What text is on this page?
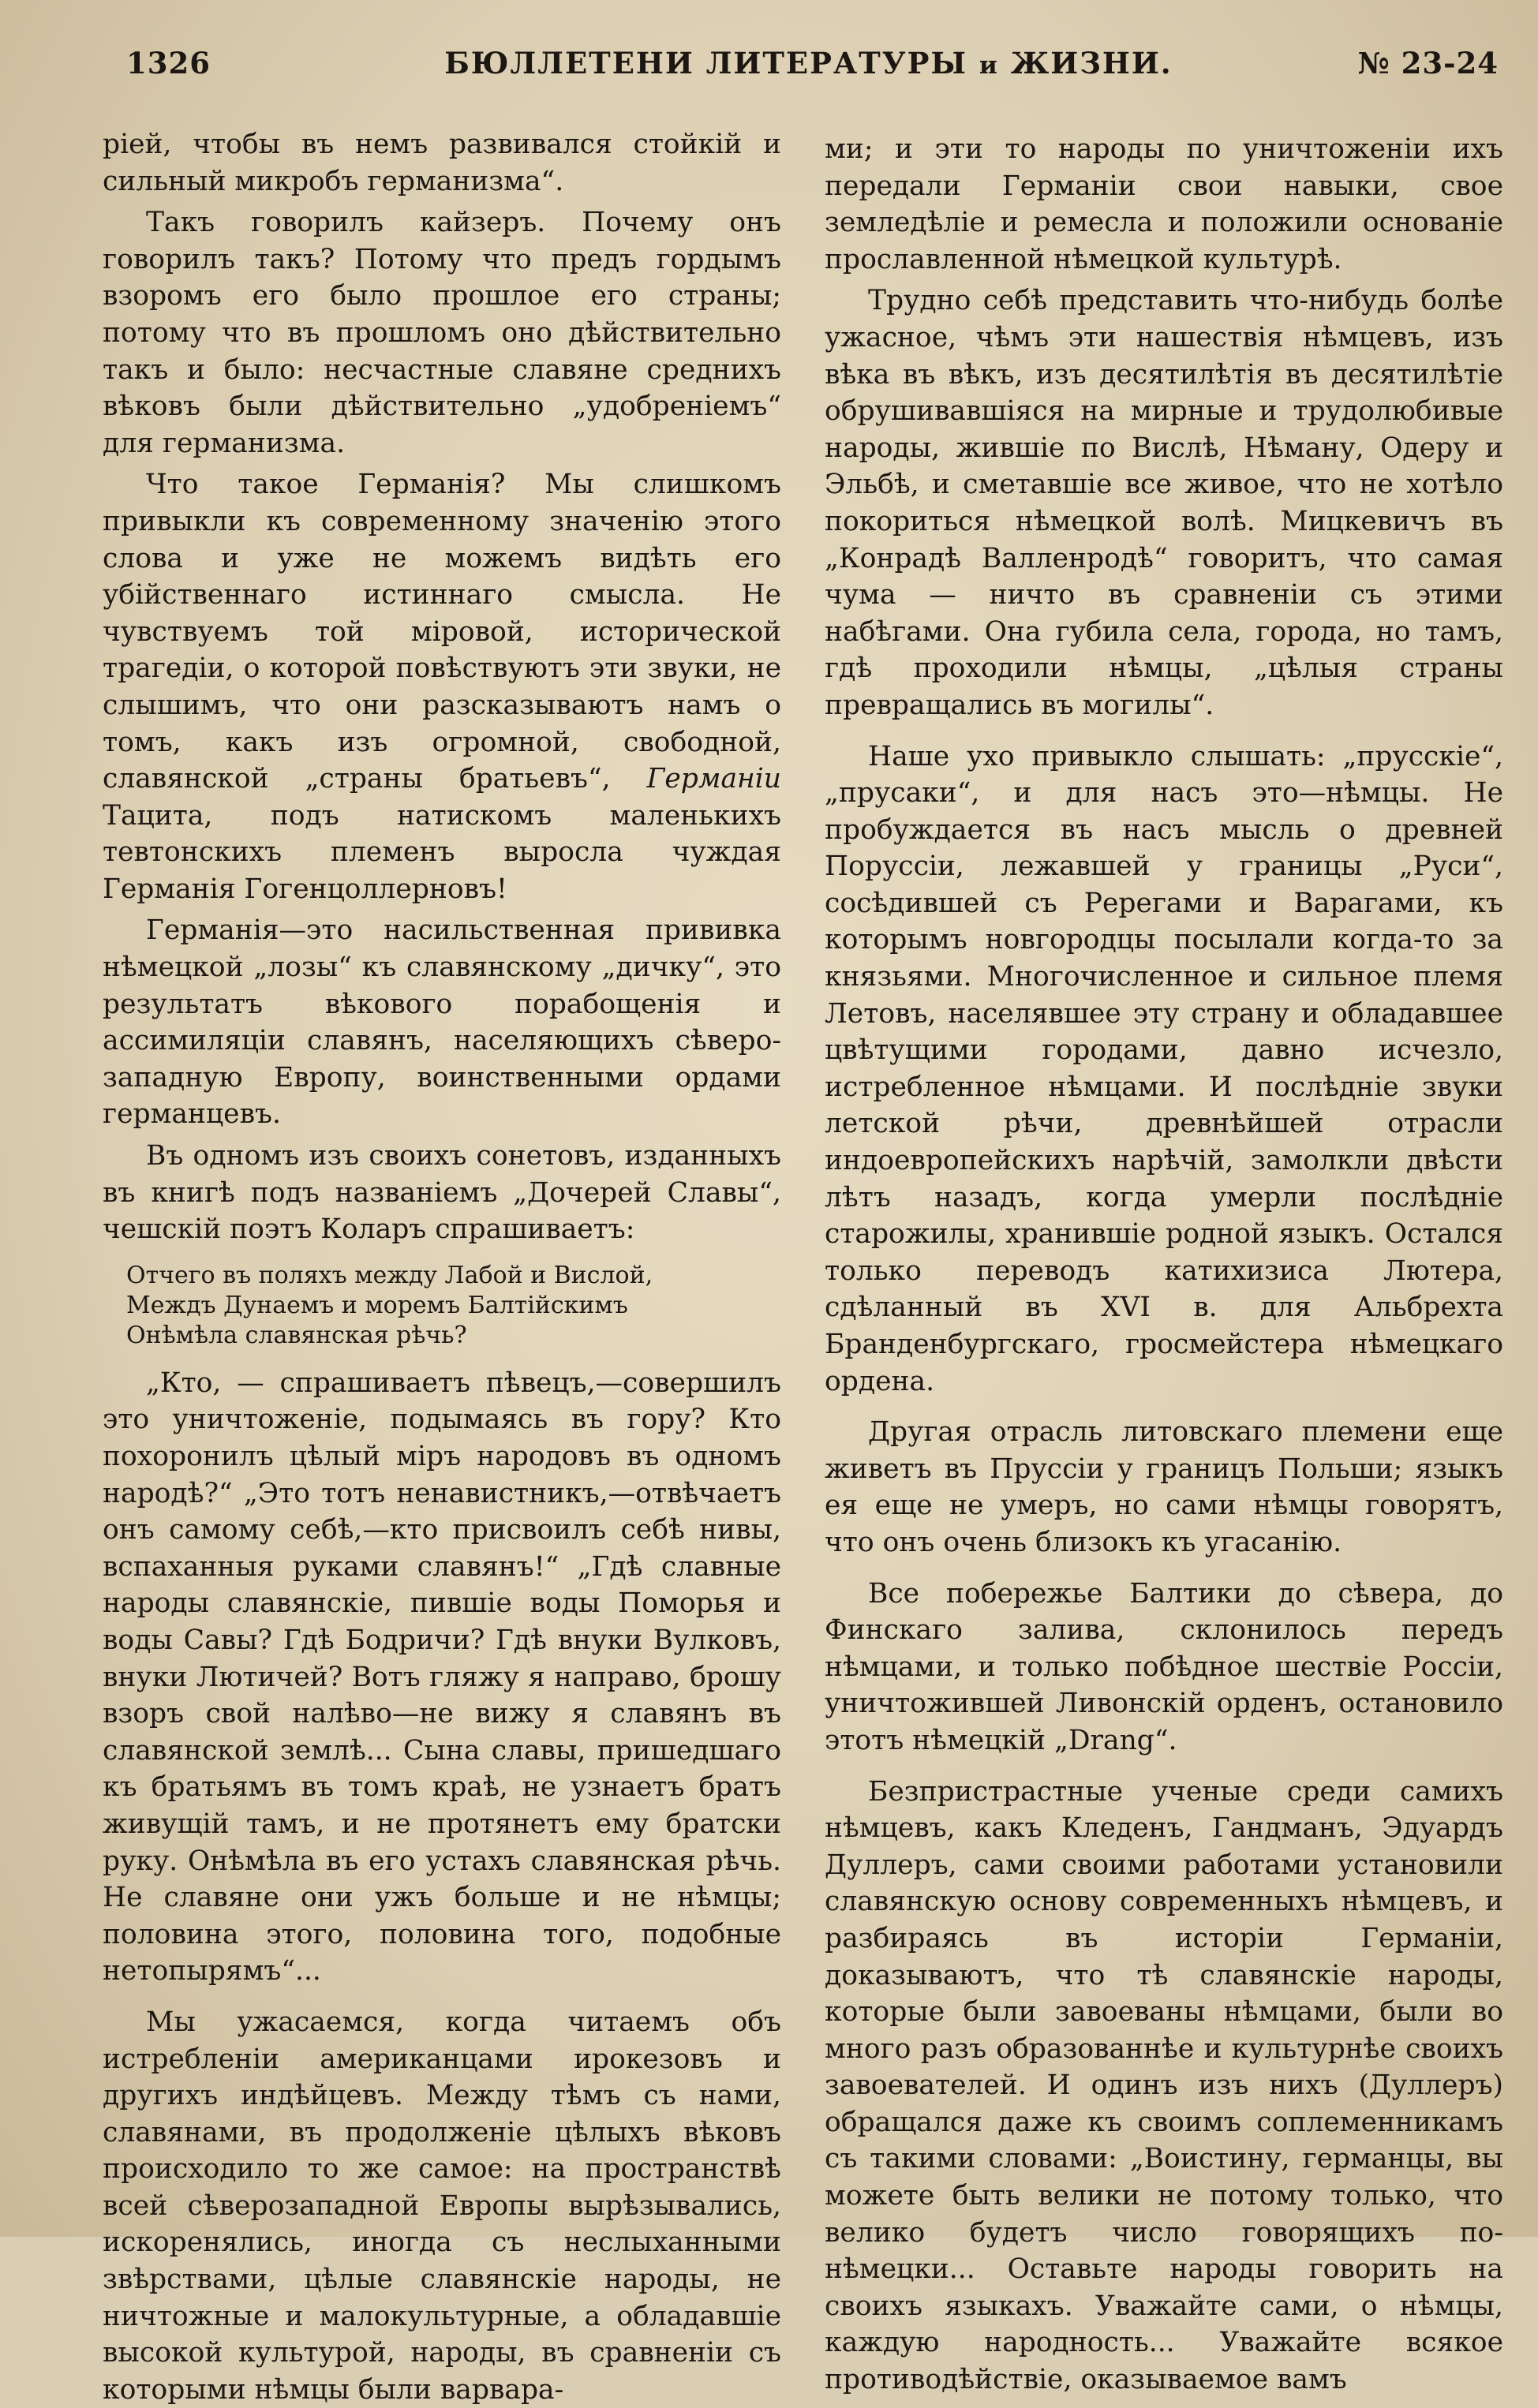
1326	БЮЛЛЕТЕНИ ЛИТЕРАТУРЫ и ЖИЗНИ.	№ 23-24

ріей, чтобы въ немъ развивался стойкій и сильный микробъ германизма“.

Такъ говорилъ кайзеръ. Почему онъ говорилъ такъ? Потому что предъ гордымъ взоромъ его было прошлое его страны; потому что въ прошломъ оно дѣйствительно такъ и было: несчастные славяне среднихъ вѣковъ были дѣйствительно „удобреніемъ“ для германизма.

Что такое Германія? Мы слишкомъ привыкли къ современному значенію этого слова и уже не можемъ видѣть его убійственнаго истиннаго смысла. Не чувствуемъ той міровой, исторической трагедіи, о которой повѣствуютъ эти звуки, не слышимъ, что они разсказываютъ намъ о томъ, какъ изъ огромной, свободной, славянской „страны братьевъ“, Германіи Тацита, подъ натискомъ маленькихъ тевтонскихъ племенъ выросла чуждая Германія Гогенцоллерновъ!

Германія—это насильственная прививка нѣмецкой „лозы“ къ славянскому „дичку“, это результатъ вѣкового порабощенія и ассимиляціи славянъ, населяющихъ сѣверо-западную Европу, воинственными ордами германцевъ.

Въ одномъ изъ своихъ сонетовъ, изданныхъ въ книгѣ подъ названіемъ „Дочерей Славы“, чешскій поэтъ Коларъ спрашиваетъ:

Отчего въ поляхъ между Лабой и Вислой,
Междъ Дунаемъ и моремъ Балтійскимъ
Онѣмѣла славянская рѣчь?

„Кто, — спрашиваетъ пѣвецъ,—совершилъ это уничтоженіе, подымаясь въ гору? Кто похоронилъ цѣлый міръ народовъ въ одномъ народѣ?“ „Это тотъ ненавистникъ,—отвѣчаетъ онъ самому себѣ,—кто присвоилъ себѣ нивы, вспаханныя руками славянъ!“ „Гдѣ славные народы славянскіе, пившіе воды Поморья и воды Савы? Гдѣ Бодричи? Гдѣ внуки Вулковъ, внуки Лютичей? Вотъ гляжу я направо, брошу взоръ свой налѣво—не вижу я славянъ въ славянской землѣ... Сына славы, пришедшаго къ братьямъ въ томъ краѣ, не узнаетъ братъ живущій тамъ, и не протянетъ ему братски руку. Онѣмѣла въ его устахъ славянская рѣчь. Не славяне они ужъ больше и не нѣмцы; половина этого, половина того, подобные нетопырямъ“...

Мы ужасаемся, когда читаемъ объ истребленіи американцами ирокезовъ и другихъ индѣйцевъ. Между тѣмъ съ нами, славянами, въ продолженіе цѣлыхъ вѣковъ происходило то же самое: на пространствѣ всей сѣверозападной Европы вырѣзывались, искоренялись, иногда съ неслыханными звѣрствами, цѣлые славянскіе народы, не ничтожные и малокультурные, а обладавшіе высокой культурой, народы, въ сравненіи съ которыми нѣмцы были варвара-

ми; и эти то народы по уничтоженіи ихъ передали Германіи свои навыки, свое земледѣліе и ремесла и положили основаніе прославленной нѣмецкой культурѣ.

Трудно себѣ представить что-нибудь болѣе ужасное, чѣмъ эти нашествія нѣмцевъ, изъ вѣка въ вѣкъ, изъ десятилѣтія въ десятилѣтіе обрушивавшіяся на мирные и трудолюбивые народы, жившіе по Вислѣ, Нѣману, Одеру и Эльбѣ, и сметавшіе все живое, что не хотѣло покориться нѣмецкой волѣ. Мицкевичъ въ „Конрадѣ Валленродѣ“ говоритъ, что самая чума — ничто въ сравненіи съ этими набѣгами. Она губила села, города, но тамъ, гдѣ проходили нѣмцы, „цѣлыя страны превращались въ могилы“.

Наше ухо привыкло слышать: „прусскіе“, „прусаки“, и для насъ это—нѣмцы. Не пробуждается въ насъ мысль о древней Поруссіи, лежавшей у границы „Руси“, сосѣдившей съ Ререгами и Варагами, къ которымъ новгородцы посылали когда-то за князьями. Многочисленное и сильное племя Летовъ, населявшее эту страну и обладавшее цвѣтущими городами, давно исчезло, истребленное нѣмцами. И послѣдніе звуки летской рѣчи, древнѣйшей отрасли индоевропейскихъ нарѣчій, замолкли двѣсти лѣтъ назадъ, когда умерли послѣдніе старожилы, хранившіе родной языкъ. Остался только переводъ катихизиса Лютера, сдѣланный въ XVI в. для Альбрехта Бранденбургскаго, гросмейстера нѣмецкаго ордена.

Другая отрасль литовскаго племени еще живетъ въ Пруссіи у границъ Польши; языкъ ея еще не умеръ, но сами нѣмцы говорятъ, что онъ очень близокъ къ угасанію.

Все побережье Балтики до сѣвера, до Финскаго залива, склонилось передъ нѣмцами, и только побѣдное шествіе Россіи, уничтожившей Ливонскій орденъ, остановило этотъ нѣмецкій „Drang“.

Безпристрастные ученые среди самихъ нѣмцевъ, какъ Кледенъ, Гандманъ, Эдуардъ Дуллеръ, сами своими работами установили славянскую основу современныхъ нѣмцевъ, и разбираясь въ исторіи Германіи, доказываютъ, что тѣ славянскіе народы, которые были завоеваны нѣмцами, были во много разъ образованнѣе и культурнѣе своихъ завоевателей. И одинъ изъ нихъ (Дуллеръ) обращался даже къ своимъ соплеменникамъ съ такими словами: „Воистину, германцы, вы можете быть велики не потому только, что велико будетъ число говорящихъ по-нѣмецки... Оставьте народы говорить на своихъ языкахъ. Уважайте сами, о нѣмцы, каждую народность... Уважайте всякое противодѣйствіе, оказываемое вамъ
